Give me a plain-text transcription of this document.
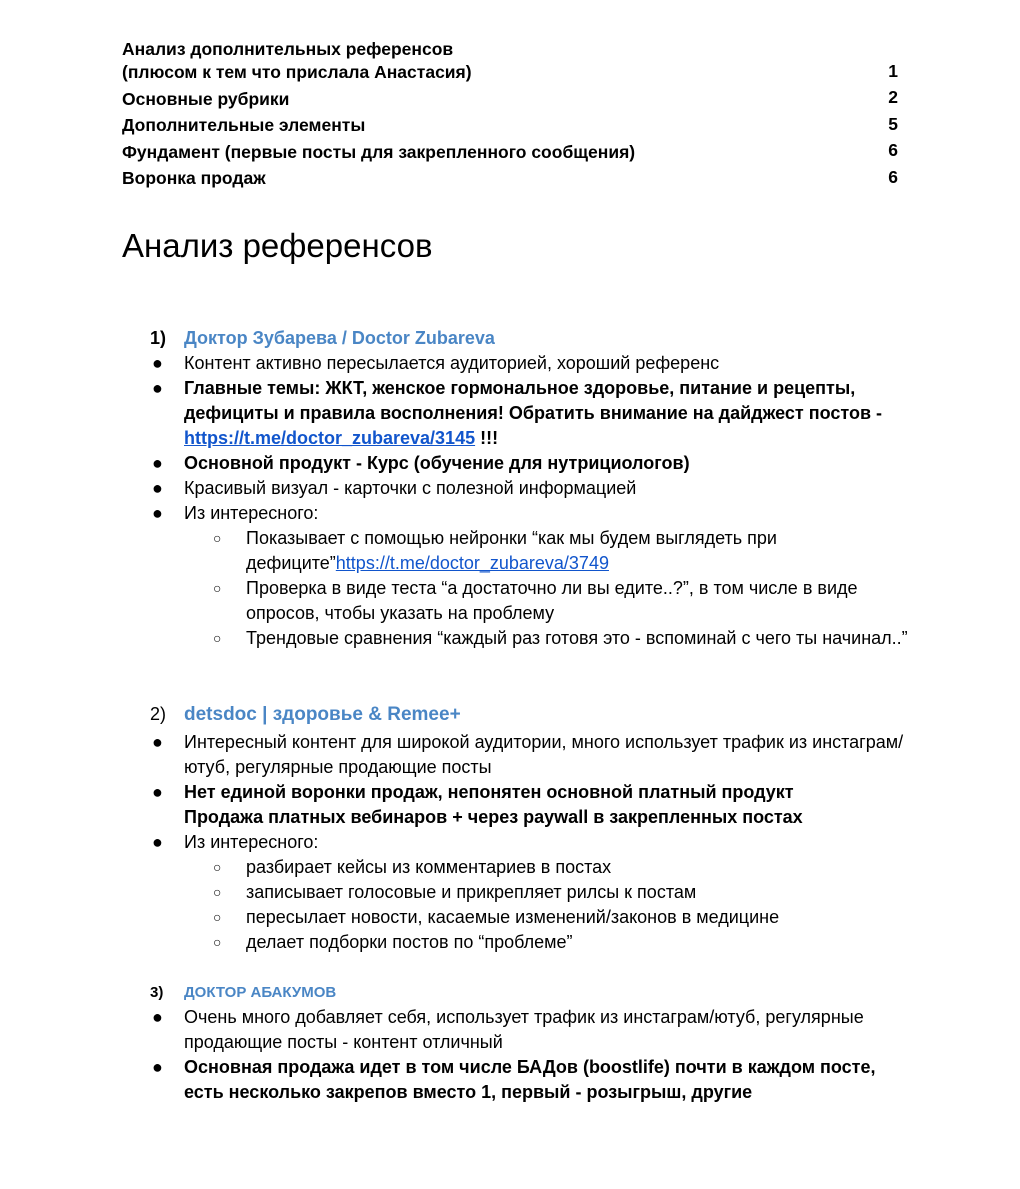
Анализ дополнительных референсов
(плюсом к тем что прислала Анастасия)	1
Основные рубрики	2
Дополнительные элементы	5
Фундамент (первые посты для закрепленного сообщения)	6
Воронка продаж	6
Анализ референсов
1) Доктор Зубарева / Doctor Zubareva
●	Контент активно пересылается аудиторией, хороший референс
●	Главные темы: ЖКТ, женское гормональное здоровье, питание и рецепты, дефициты и правила восполнения! Обратить внимание на дайджест постов - https://t.me/doctor_zubareva/3145 !!!
●	Основной продукт - Курс (обучение для нутрициологов)
●	Красивый визуал - карточки с полезной информацией
●	Из интересного:
○	Показывает с помощью нейронки “как мы будем выглядеть при дефиците”https://t.me/doctor_zubareva/3749
○	Проверка в виде теста “а достаточно ли вы едите..?”, в том числе в виде опросов, чтобы указать на проблему
○	Трендовые сравнения “каждый раз готовя это - вспоминай с чего ты начинал..”
2) detsdoc | здоровье & Remee+
●	Интересный контент для широкой аудитории, много использует трафик из инстаграм/ютуб, регулярные продающие посты
●	Нет единой воронки продаж, непонятен основной платный продукт
Продажа платных вебинаров + через paywall в закрепленных постах
●	Из интересного:
○	разбирает кейсы из комментариев в постах
○	записывает голосовые и прикрепляет рилсы к постам
○	пересылает новости, касаемые изменений/законов в медицине
○	делает подборки постов по “проблеме”
3)	ДОКТОР АБАКУМОВ
●	Очень много добавляет себя, использует трафик из инстаграм/ютуб, регулярные продающие посты - контент отличный
●	Основная продажа идет в том числе БАДов (boostlife) почти в каждом посте, есть несколько закрепов вместо 1, первый - розыгрыш, другие
